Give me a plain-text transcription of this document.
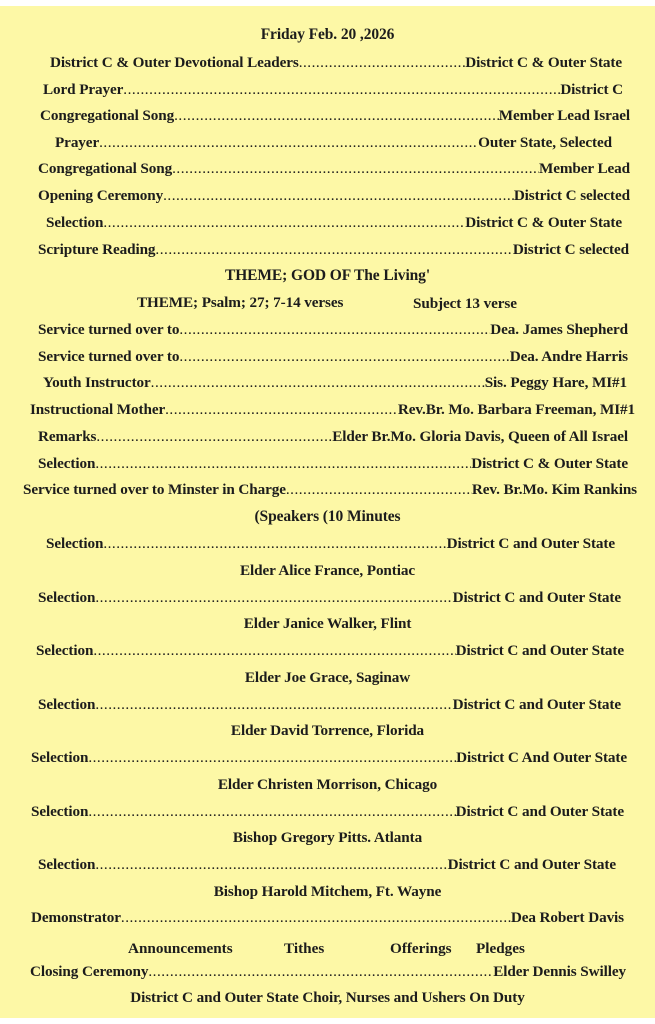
Friday Feb. 20 ,2026
District C & Outer Devotional Leaders .....	District C & Outer State
Lord Prayer .....	District C
Congregational Song .....	Member Lead Israel
Prayer .....	Outer State, Selected
Congregational Song .....	Member Lead
Opening Ceremony .....	District C selected
Selection .....	District C & Outer State
Scripture Reading .....	District C selected
THEME; GOD OF The Living'
THEME; Psalm; 27; 7-14 verses	Subject 13 verse
Service turned over to .....	Dea. James Shepherd
Service turned over to .....	Dea. Andre Harris
Youth Instructor .....	Sis. Peggy Hare, MI#1
Instructional Mother .....	Rev.Br. Mo. Barbara Freeman, MI#1
Remarks .....	Elder Br.Mo. Gloria Davis, Queen of All Israel
Selection .....	District C & Outer State
Service turned over to Minster in Charge .....	Rev. Br.Mo. Kim Rankins
(Speakers (10 Minutes
Selection .....	District C and Outer State
Elder Alice France, Pontiac
Selection .....	District C and Outer State
Elder Janice Walker, Flint
Selection .....	District C and Outer State
Elder Joe Grace, Saginaw
Selection .....	District C and Outer State
Elder David Torrence, Florida
Selection .....	District C And Outer State
Elder Christen Morrison, Chicago
Selection .....	District C and Outer State
Bishop Gregory Pitts. Atlanta
Selection .....	District C and Outer State
Bishop Harold Mitchem, Ft. Wayne
Demonstrator .....	Dea Robert Davis
Announcements	Tithes	Offerings Pledges
Closing Ceremony .....	Elder Dennis Swilley
District C and Outer State Choir, Nurses and Ushers On Duty
